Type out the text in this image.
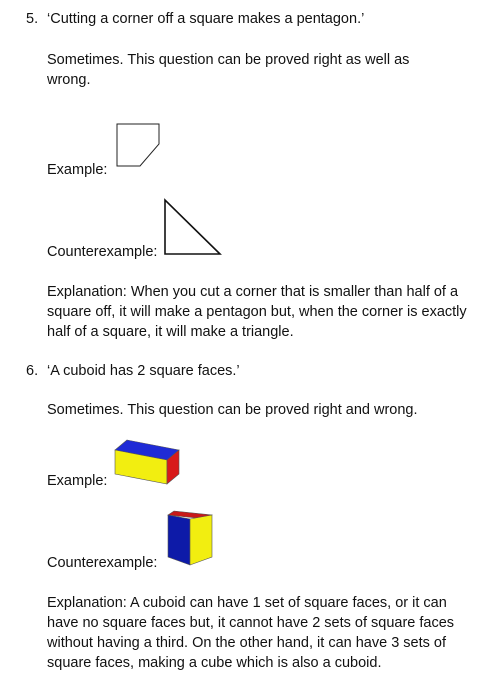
5. ‘Cutting a corner off a square makes a pentagon.’
Sometimes. This question can be proved right as well as wrong.
Example:
Counterexample:
Explanation: When you cut a corner that is smaller than half of a square off, it will make a pentagon but, when the corner is exactly half of a square, it will make a triangle.
6. ‘A cuboid has 2 square faces.’
Sometimes. This question can be proved right and wrong.
Example:
Counterexample:
Explanation: A cuboid can have 1 set of square faces, or it can have no square faces but, it cannot have 2 sets of square faces without having a third. On the other hand, it can have 3 sets of square faces, making a cube which is also a cuboid.
